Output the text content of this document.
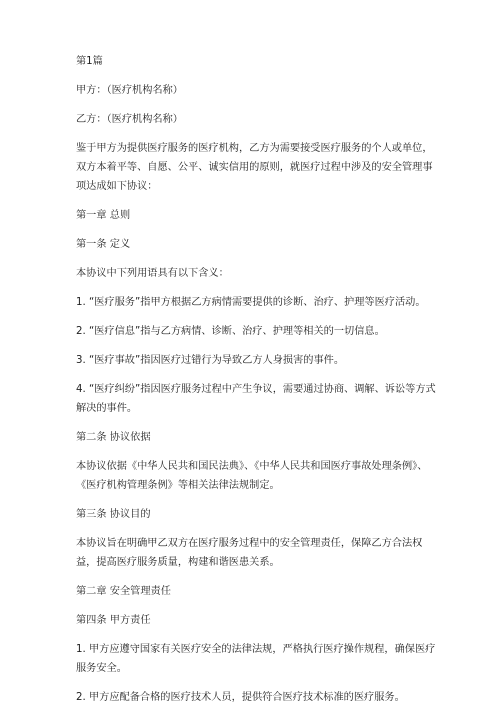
第1篇

甲方：（医疗机构名称）

乙方：（医疗机构名称）

鉴于甲方为提供医疗服务的医疗机构，乙方为需要接受医疗服务的个人或单位，双方本着平等、自愿、公平、诚实信用的原则，就医疗过程中涉及的安全管理事项达成如下协议：

第一章 总则

第一条 定义

本协议中下列用语具有以下含义：

1. “医疗服务”指甲方根据乙方病情需要提供的诊断、治疗、护理等医疗活动。

2. “医疗信息”指与乙方病情、诊断、治疗、护理等相关的一切信息。

3. “医疗事故”指因医疗过错行为导致乙方人身损害的事件。

4. “医疗纠纷”指因医疗服务过程中产生争议，需要通过协商、调解、诉讼等方式解决的事件。

第二条 协议依据

本协议依据《中华人民共和国民法典》、《中华人民共和国医疗事故处理条例》、《医疗机构管理条例》等相关法律法规制定。

第三条 协议目的

本协议旨在明确甲乙双方在医疗服务过程中的安全管理责任，保障乙方合法权益，提高医疗服务质量，构建和谐医患关系。

第二章 安全管理责任

第四条 甲方责任

1. 甲方应遵守国家有关医疗安全的法律法规，严格执行医疗操作规程，确保医疗服务安全。

2. 甲方应配备合格的医疗技术人员，提供符合医疗技术标准的医疗服务。
